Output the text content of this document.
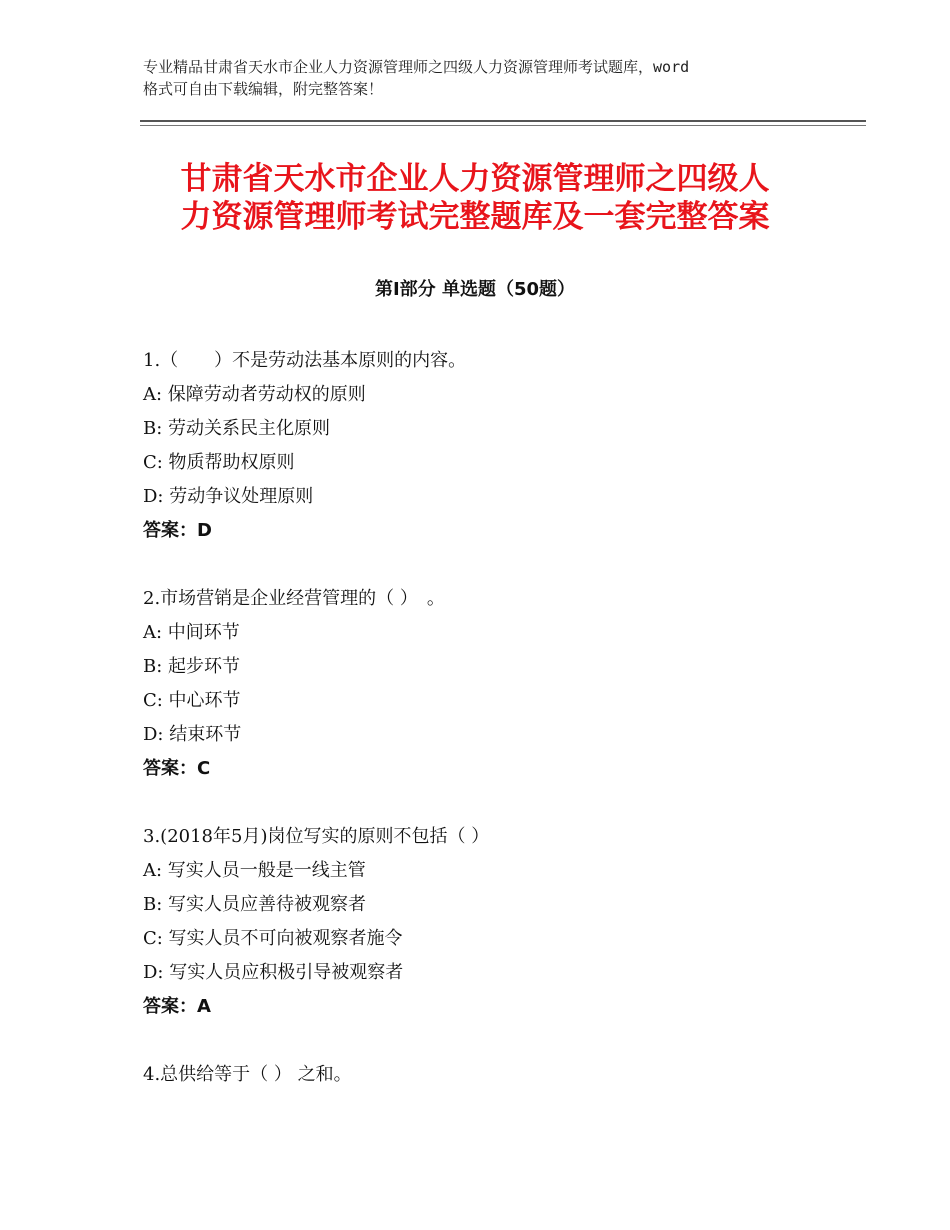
专业精品甘肃省天水市企业人力资源管理师之四级人力资源管理师考试题库，word
格式可自由下载编辑，附完整答案！
甘肃省天水市企业人力资源管理师之四级人
力资源管理师考试完整题库及一套完整答案
第Ⅰ部分 单选题（50题）
1.（　　）不是劳动法基本原则的内容。
A: 保障劳动者劳动权的原则
B: 劳动关系民主化原则
C: 物质帮助权原则
D: 劳动争议处理原则
答案：D
2.市场营销是企业经营管理的（ ）　。
A: 中间环节
B: 起步环节
C: 中心环节
D: 结束环节
答案：C
3.(2018年5月)岗位写实的原则不包括（ ）
A: 写实人员一般是一线主管
B: 写实人员应善待被观察者
C: 写实人员不可向被观察者施令
D: 写实人员应积极引导被观察者
答案：A
4.总供给等于（ ） 之和。
